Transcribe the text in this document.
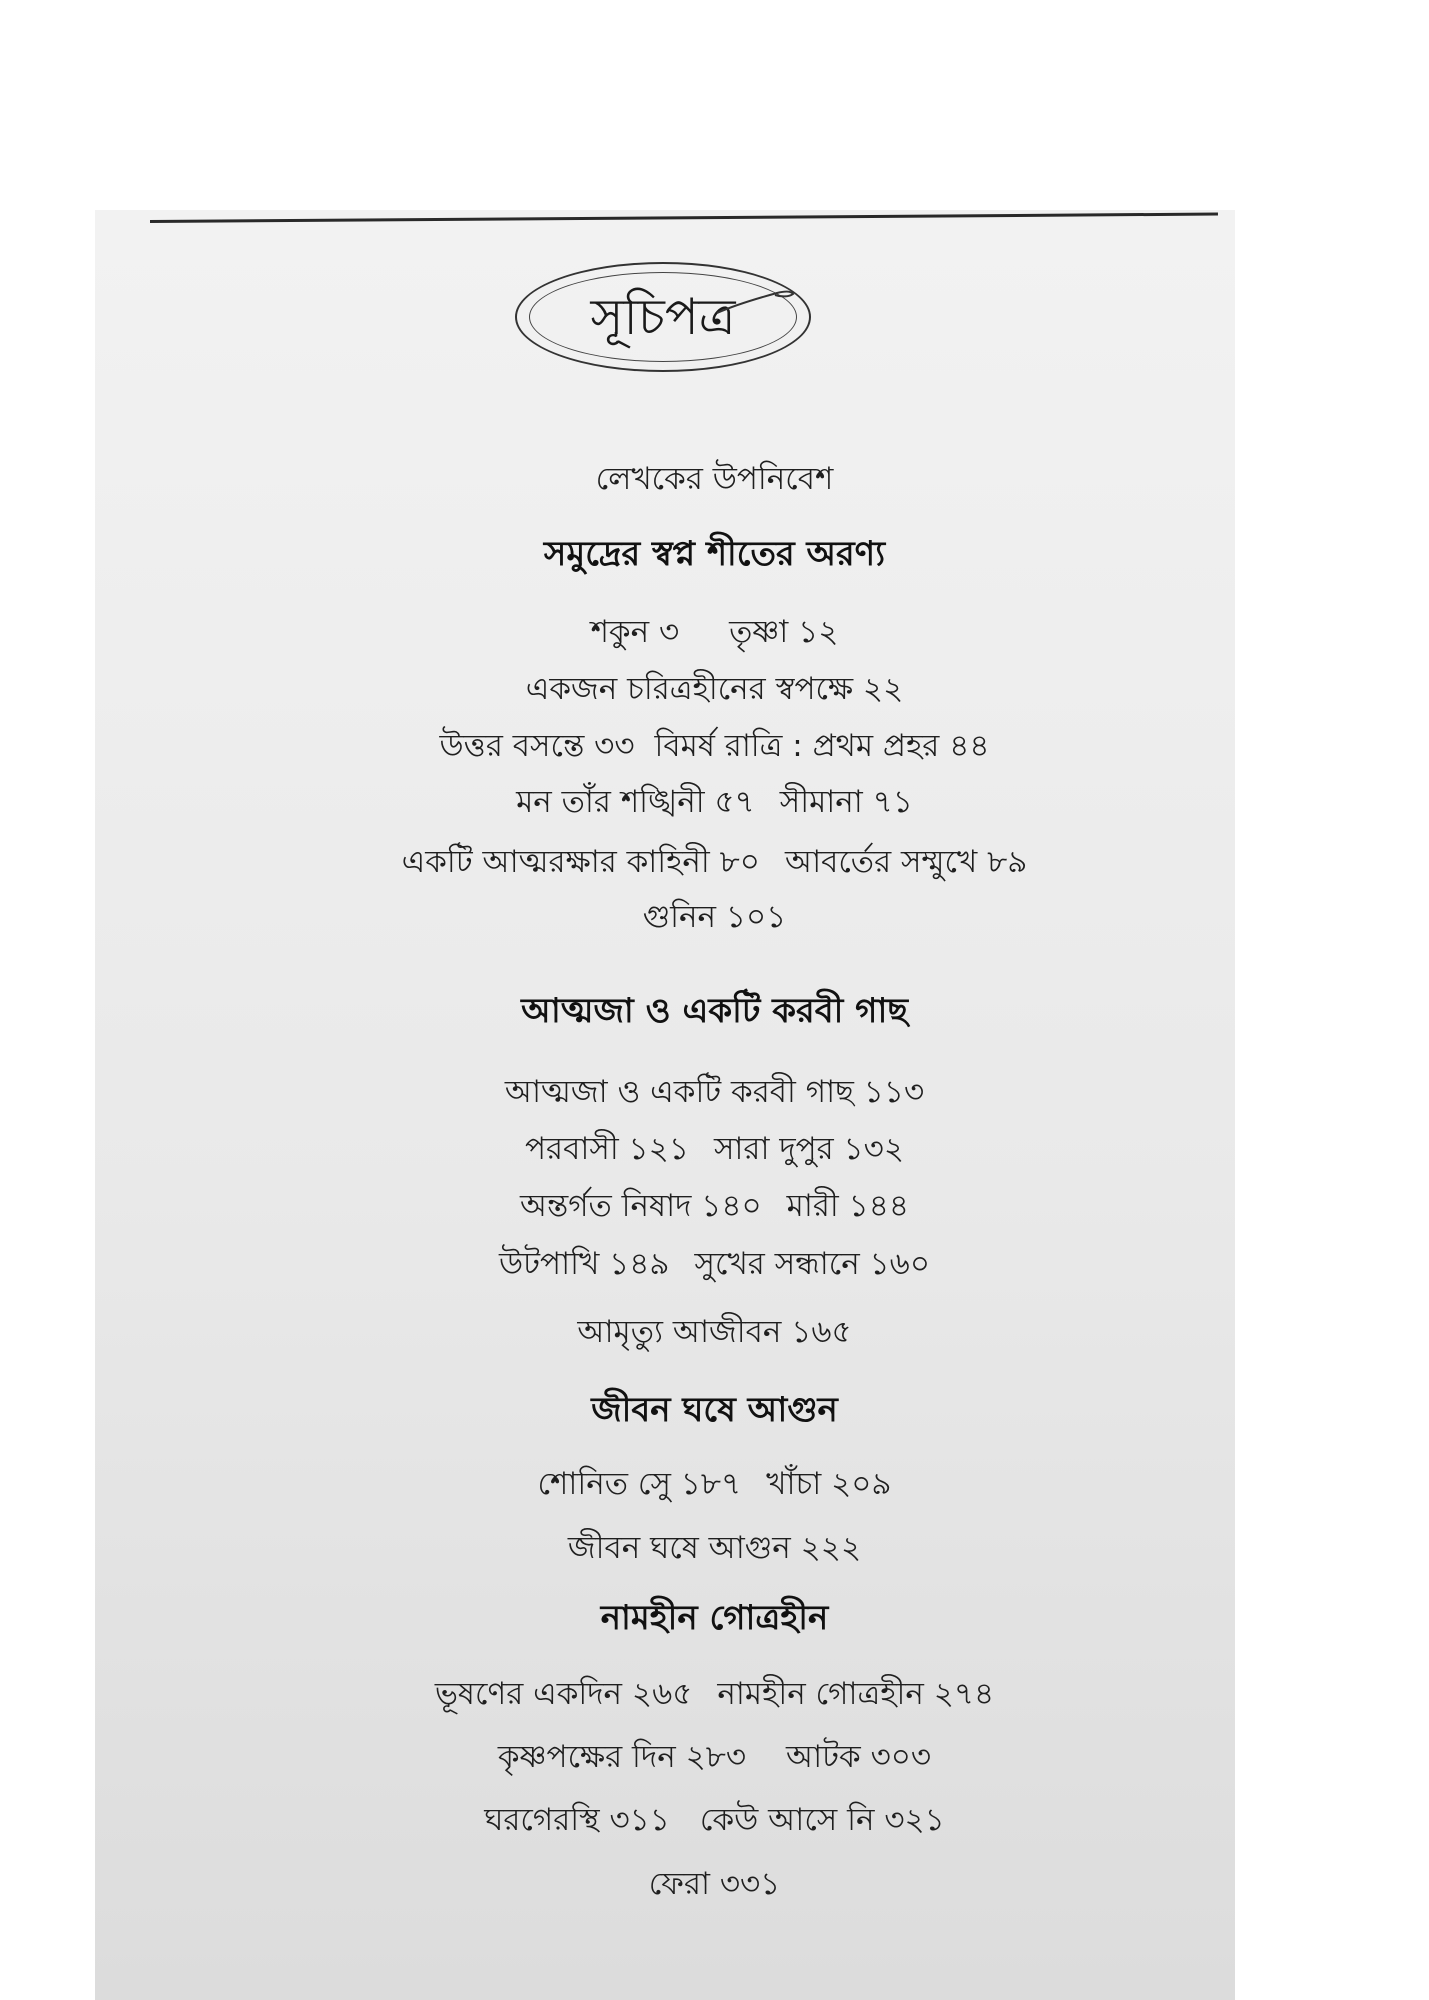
সূচিপত্র
লেখকের উপনিবেশ
সমুদ্রের স্বপ্ন শীতের অরণ্য
শকুন ৩ তৃষ্ণা ১২
একজন চরিত্রহীনের স্বপক্ষে ২২
উত্তর বসন্তে ৩৩ বিমর্ষ রাত্রি : প্রথম প্রহর ৪৪
মন তাঁর শঙ্খিনী ৫৭ সীমানা ৭১
একটি আত্মরক্ষার কাহিনী ৮০ আবর্তের সম্মুখে ৮৯
গুনিন ১০১
আত্মজা ও একটি করবী গাছ
আত্মজা ও একটি করবী গাছ ১১৩
পরবাসী ১২১ সারা দুপুর ১৩২
অন্তর্গত নিষাদ ১৪০ মারী ১৪৪
উটপাখি ১৪৯ সুখের সন্ধানে ১৬০
আমৃত্যু আজীবন ১৬৫
জীবন ঘষে আগুন
শোনিত সেু ১৮৭ খাঁচা ২০৯
জীবন ঘষে আগুন ২২২
নামহীন গোত্রহীন
ভূষণের একদিন ২৬৫ নামহীন গোত্রহীন ২৭৪
কৃষ্ণপক্ষের দিন ২৮৩ আটক ৩০৩
ঘরগেরস্থি ৩১১ কেউ আসে নি ৩২১
ফেরা ৩৩১
